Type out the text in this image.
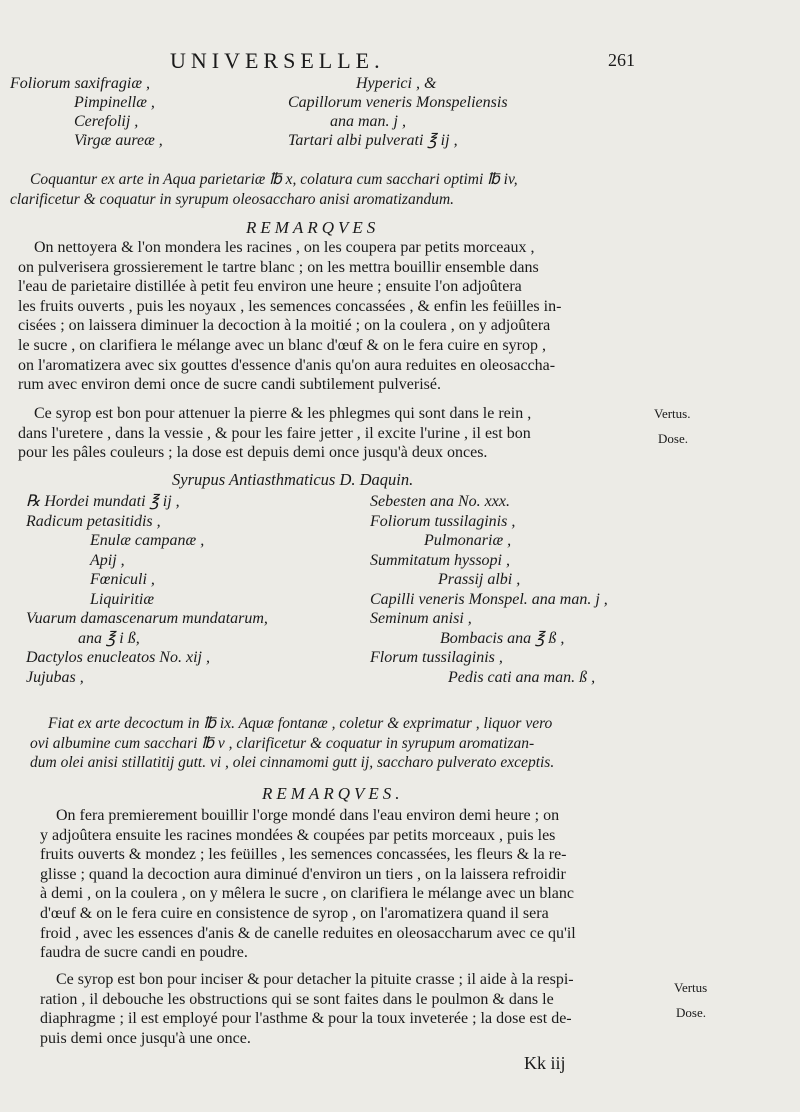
UNIVERSELLE.	261
Foliorum saxifragiæ ,
Pimpinellæ ,
Cerefolij ,
Virgæ aureæ ,
Hyperici , &
Capillorum veneris Monspeliensis
ana man. j ,
Tartari albi pulverati ℥ ij ,
Coquantur ex arte in Aqua parietariæ ℔ x, colatura cum sacchari optimi ℔ iv,
clarificetur & coquatur in syrupum oleosaccharo anisi aromatizandum.
REMARQVES
On nettoyera & l'on mondera les racines , on les coupera par petits morceaux ,
on pulverisera grossierement le tartre blanc ; on les mettra bouillir ensemble dans
l'eau de parietaire distillée à petit feu environ une heure ; ensuite l'on adjoûtera
les fruits ouverts , puis les noyaux , les semences concassées , & enfin les feüilles in-
cisées ; on laissera diminuer la decoction à la moitié ; on la coulera , on y adjoûtera
le sucre , on clarifiera le mélange avec un blanc d'œuf & on le fera cuire en syrop ,
on l'aromatizera avec six gouttes d'essence d'anis qu'on aura reduites en oleosaccha-
rum avec environ demi once de sucre candi subtilement pulverisé.
Ce syrop est bon pour attenuer la pierre & les phlegmes qui sont dans le rein ,
dans l'uretere , dans la vessie , & pour les faire jetter , il excite l'urine , il est bon
pour les pâles couleurs ; la dose est depuis demi once jusqu'à deux onces.
Vertus.
Dose.
Syrupus Antiasthmaticus D. Daquin.
℞ Hordei mundati ℥ ij ,
Radicum petasitidis ,
Enulæ campanæ ,
Apij ,
Fœniculi ,
Liquiritiæ
Vuarum damascenarum mundatarum,
ana ℥ i ß,
Dactylos enucleatos No. xij ,
Jujubas ,
Sebesten ana No. xxx.
Foliorum tussilaginis ,
Pulmonariæ ,
Summitatum hyssopi ,
Prassij albi ,
Capilli veneris Monspel. ana man. j ,
Seminum anisi ,
Bombacis ana ℥ ß ,
Florum tussilaginis ,
Pedis cati ana man. ß ,
Fiat ex arte decoctum in ℔ ix. Aquæ fontanæ , coletur & exprimatur , liquor vero
ovi albumine cum sacchari ℔ v , clarificetur & coquatur in syrupum aromatizan-
dum olei anisi stillatitij gutt. vi , olei cinnamomi gutt ij, saccharo pulverato exceptis.
REMARQVES.
On fera premierement bouillir l'orge mondé dans l'eau environ demi heure ; on
y adjoûtera ensuite les racines mondées & coupées par petits morceaux , puis les
fruits ouverts & mondez ; les feüilles , les semences concassées, les fleurs & la re-
glisse ; quand la decoction aura diminué d'environ un tiers , on la laissera refroidir
à demi , on la coulera , on y mêlera le sucre , on clarifiera le mélange avec un blanc
d'œuf & on le fera cuire en consistence de syrop , on l'aromatizera quand il sera
froid , avec les essences d'anis & de canelle reduites en oleosaccharum avec ce qu'il
faudra de sucre candi en poudre.
Ce syrop est bon pour inciser & pour detacher la pituite crasse ; il aide à la respi-
ration , il debouche les obstructions qui se sont faites dans le poulmon & dans le
diaphragme ; il est employé pour l'asthme & pour la toux inveterée ; la dose est de-
puis demi once jusqu'à une once.
Vertus
Dose.
Kk iij
